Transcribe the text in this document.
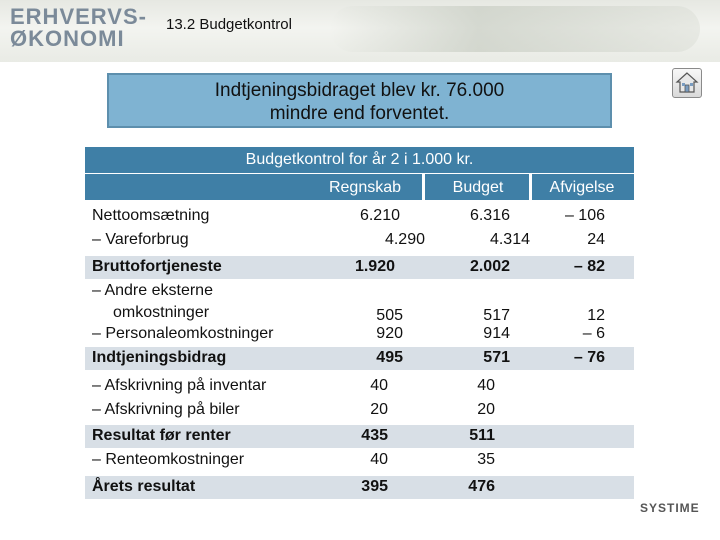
ERHVERVS-
ØKONOMI
13.2 Budgetkontrol
Indtjeningsbidraget blev kr. 76.000
mindre end forventet.
Budgetkontrol for år 2 i 1.000 kr.
Regnskab	Budget	Afvigelse
Nettoomsætning	6.210	6.316	– 106
– Vareforbrug	4.290	4.314	24
Bruttofortjeneste	1.920	2.002	– 82
– Andre eksterne
omkostninger	505	517	12
– Personaleomkostninger	920	914	– 6
Indtjeningsbidrag	495	571	– 76
– Afskrivning på inventar	40	40
– Afskrivning på biler	20	20
Resultat før renter	435	511
– Renteomkostninger	40	35
Årets resultat	395	476
SYSTIME
